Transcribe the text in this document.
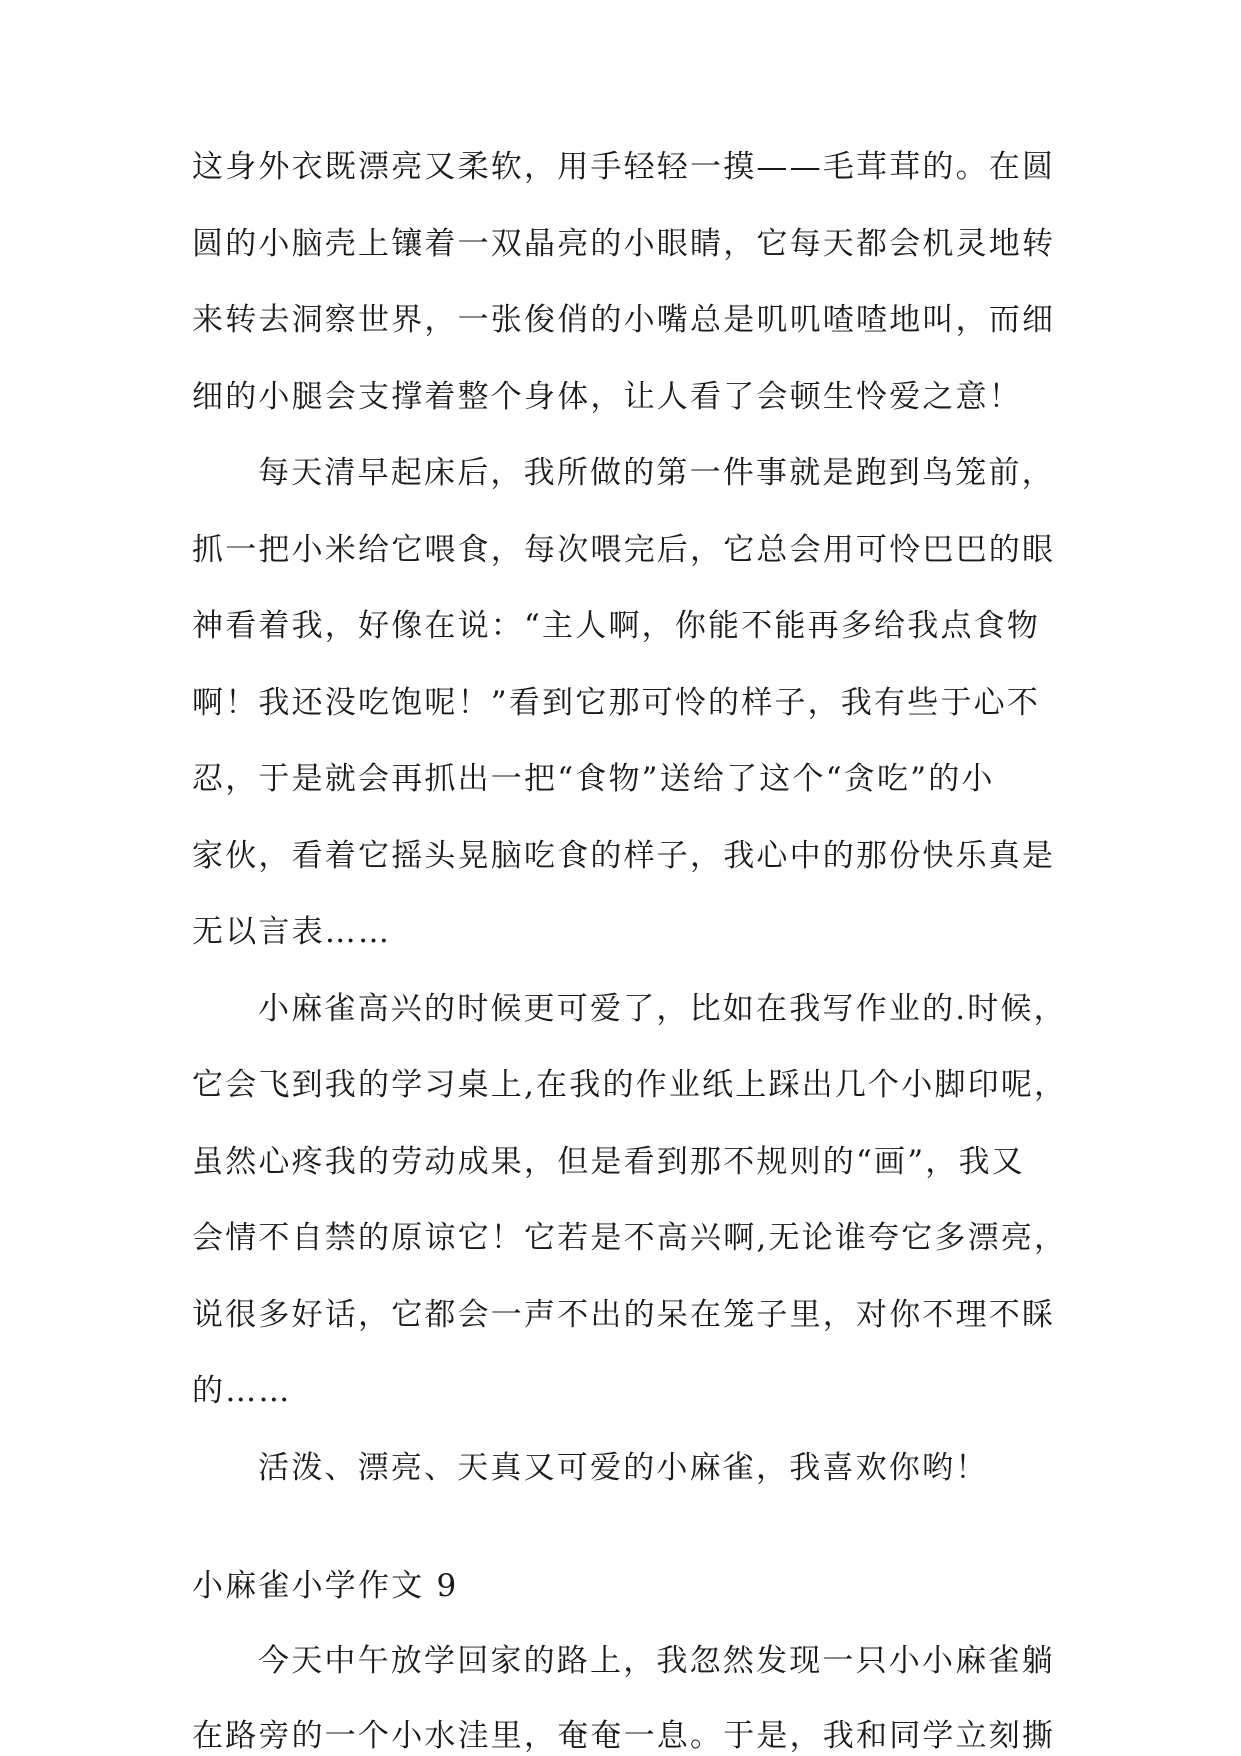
这身外衣既漂亮又柔软，用手轻轻一摸——毛茸茸的。在圆
圆的小脑壳上镶着一双晶亮的小眼睛，它每天都会机灵地转
来转去洞察世界，一张俊俏的小嘴总是叽叽喳喳地叫，而细
细的小腿会支撑着整个身体，让人看了会顿生怜爱之意！
每天清早起床后，我所做的第一件事就是跑到鸟笼前，
抓一把小米给它喂食，每次喂完后，它总会用可怜巴巴的眼
神看着我，好像在说：“主人啊，你能不能再多给我点食物
啊！我还没吃饱呢！”看到它那可怜的样子，我有些于心不
忍，于是就会再抓出一把“食物”送给了这个“贪吃”的小
家伙，看着它摇头晃脑吃食的样子，我心中的那份快乐真是
无以言表……
小麻雀高兴的时候更可爱了，比如在我写作业的.时候，
它会飞到我的学习桌上,在我的作业纸上踩出几个小脚印呢，
虽然心疼我的劳动成果，但是看到那不规则的“画”，我又
会情不自禁的原谅它！它若是不高兴啊,无论谁夸它多漂亮，
说很多好话，它都会一声不出的呆在笼子里，对你不理不睬
的……
活泼、漂亮、天真又可爱的小麻雀，我喜欢你哟！
小麻雀小学作文 9
今天中午放学回家的路上，我忽然发现一只小小麻雀躺
在路旁的一个小水洼里，奄奄一息。于是，我和同学立刻撕
